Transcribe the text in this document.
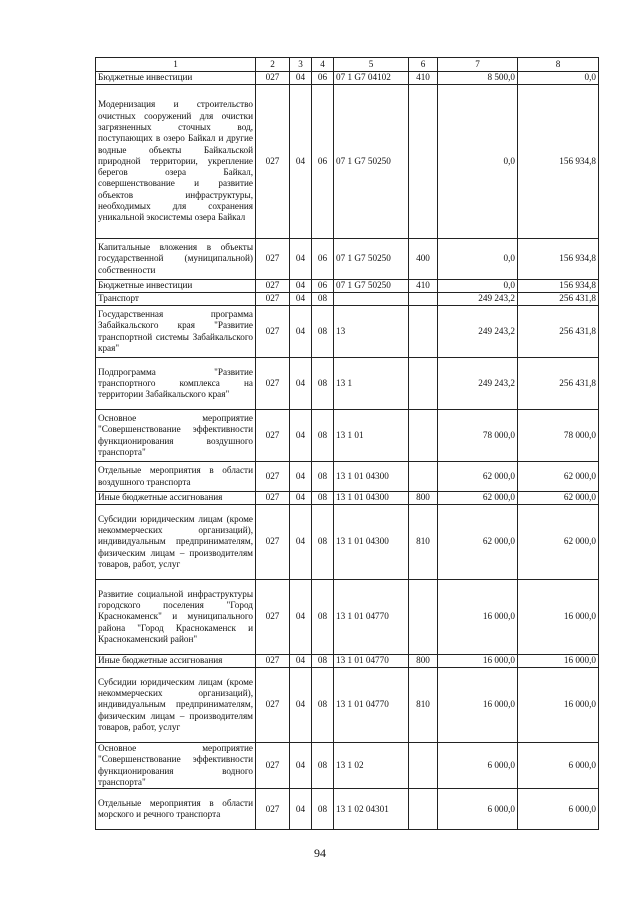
1	2	3	4	5	6	7	8
Бюджетные инвестиции	027	04	06	07 1 G7 04102	410	8 500,0	0,0
Модернизация и строительство очистных сооружений для очистки загрязненных сточных вод, поступающих в озеро Байкал и другие водные объекты Байкальской природной территории, укрепление берегов озера Байкал, совершенствование и развитие объектов инфраструктуры, необходимых для сохранения уникальной экосистемы озера Байкал	027	04	06	07 1 G7 50250		0,0	156 934,8
Капитальные вложения в объекты государственной (муниципальной) собственности	027	04	06	07 1 G7 50250	400	0,0	156 934,8
Бюджетные инвестиции	027	04	06	07 1 G7 50250	410	0,0	156 934,8
Транспорт	027	04	08			249 243,2	256 431,8
Государственная программа Забайкальского края "Развитие транспортной системы Забайкальского края"	027	04	08	13		249 243,2	256 431,8
Подпрограмма "Развитие транспортного комплекса на территории Забайкальского края"	027	04	08	13 1		249 243,2	256 431,8
Основное мероприятие "Совершенствование эффективности функционирования воздушного транспорта"	027	04	08	13 1 01		78 000,0	78 000,0
Отдельные мероприятия в области воздушного транспорта	027	04	08	13 1 01 04300		62 000,0	62 000,0
Иные бюджетные ассигнования	027	04	08	13 1 01 04300	800	62 000,0	62 000,0
Субсидии юридическим лицам (кроме некоммерческих организаций), индивидуальным предпринимателям, физическим лицам – производителям товаров, работ, услуг	027	04	08	13 1 01 04300	810	62 000,0	62 000,0
Развитие социальной инфраструктуры городского поселения "Город Краснокаменск" и муниципального района "Город Краснокаменск и Краснокаменский район"	027	04	08	13 1 01 04770		16 000,0	16 000,0
Иные бюджетные ассигнования	027	04	08	13 1 01 04770	800	16 000,0	16 000,0
Субсидии юридическим лицам (кроме некоммерческих организаций), индивидуальным предпринимателям, физическим лицам – производителям товаров, работ, услуг	027	04	08	13 1 01 04770	810	16 000,0	16 000,0
Основное мероприятие "Совершенствование эффективности функционирования водного транспорта"	027	04	08	13 1 02		6 000,0	6 000,0
Отдельные мероприятия в области морского и речного транспорта	027	04	08	13 1 02 04301		6 000,0	6 000,0
94
